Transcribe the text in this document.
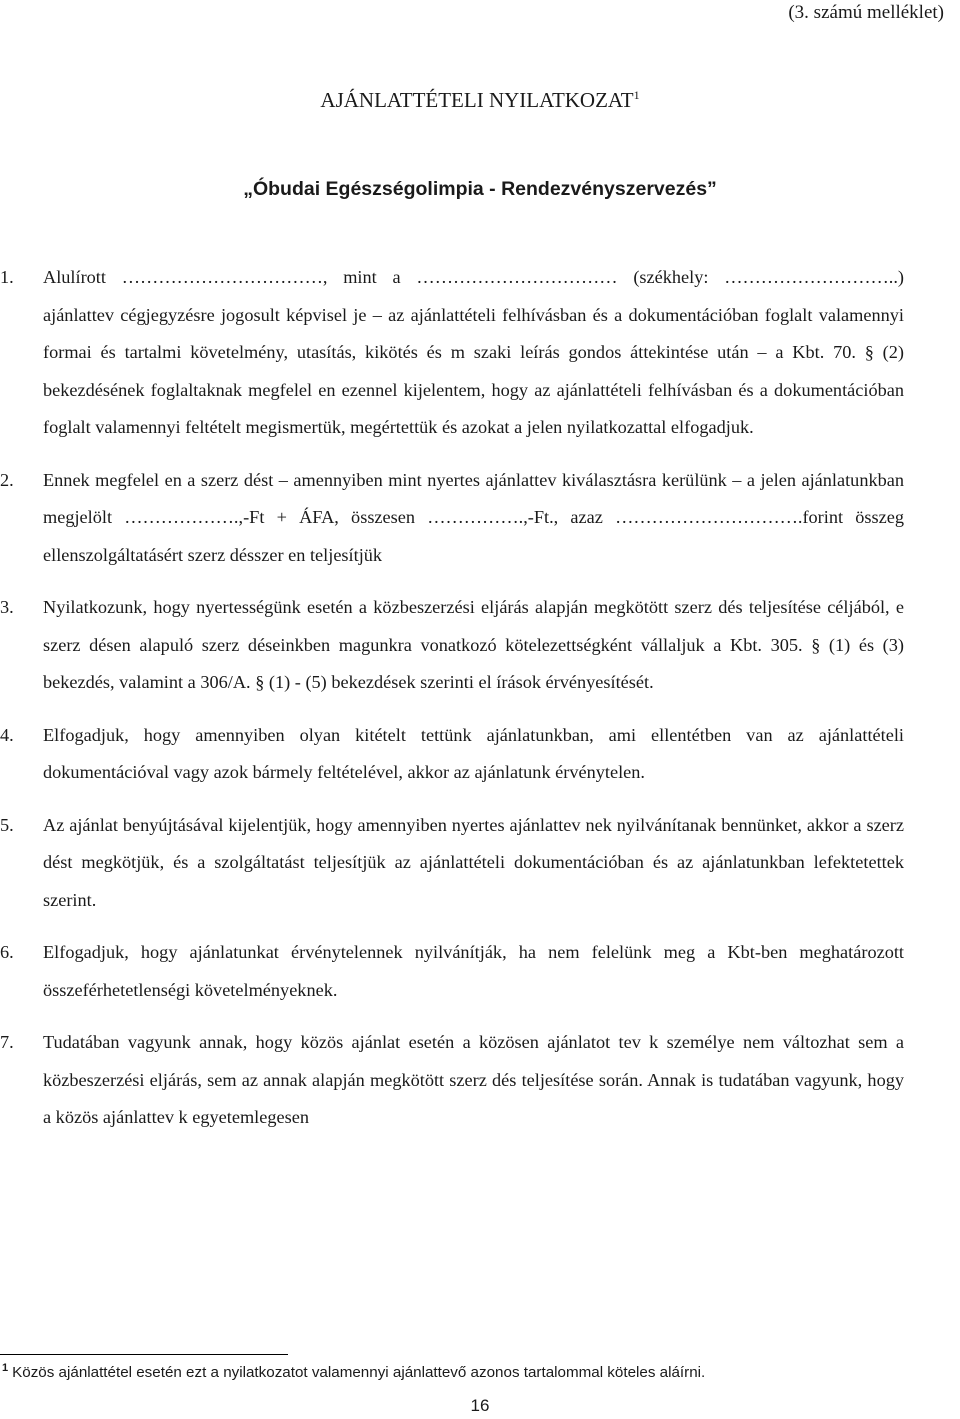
(3. számú melléklet)
AJÁNLATTÉTELI NYILATKOZAT$^1$
„Óbudai Egészségolimpia - Rendezvényszervezés”
1.	Alulírott ……………………………, mint a …………………………… (székhely: ………………………..) ajánlattev cégjegyzésre jogosult képvisel je – az ajánlattételi felhívásban és a dokumentációban foglalt valamennyi formai és tartalmi követelmény, utasítás, kikötés és m szaki leírás gondos áttekintése után – a Kbt. 70. § (2) bekezdésének foglaltaknak megfelel en ezennel kijelentem, hogy az ajánlattételi felhívásban és a dokumentációban foglalt valamennyi feltételt megismertük, megértettük és azokat a jelen nyilatkozattal elfogadjuk.
2.	Ennek megfelel en a szerz dést – amennyiben mint nyertes ajánlattev kiválasztásra kerülünk – a jelen ajánlatunkban megjelölt ……………….,-Ft + ÁFA, összesen …………….,-Ft., azaz ………………………….forint összeg ellenszolgáltatásért szerz désszer en teljesítjük
3.	Nyilatkozunk, hogy nyertességünk esetén a közbeszerzési eljárás alapján megkötött szerz dés teljesítése céljából, e szerz désen alapuló szerz déseinkben magunkra vonatkozó kötelezettségként vállaljuk a Kbt. 305. § (1) és (3) bekezdés, valamint a 306/A. § (1) - (5) bekezdések szerinti el írások érvényesítését.
4.	Elfogadjuk, hogy amennyiben olyan kitételt tettünk ajánlatunkban, ami ellentétben van az ajánlattételi dokumentációval vagy azok bármely feltételével, akkor az ajánlatunk érvénytelen.
5.	Az ajánlat benyújtásával kijelentjük, hogy amennyiben nyertes ajánlattev nek nyilvánítanak bennünket, akkor a szerz dést megkötjük, és a szolgáltatást teljesítjük az ajánlattételi dokumentációban és az ajánlatunkban lefektetettek szerint.
6.	Elfogadjuk, hogy ajánlatunkat érvénytelennek nyilvánítják, ha nem felelünk meg a Kbt-ben meghatározott összeférhetetlenségi követelményeknek.
7.	Tudatában vagyunk annak, hogy közös ajánlat esetén a közösen ajánlatot tev k személye nem változhat sem a közbeszerzési eljárás, sem az annak alapján megkötött szerz dés teljesítése során. Annak is tudatában vagyunk, hogy a közös ajánlattev k egyetemlegesen
$^1$ Közös ajánlattétel esetén ezt a nyilatkozatot valamennyi ajánlattevő azonos tartalommal köteles aláírni.
16
